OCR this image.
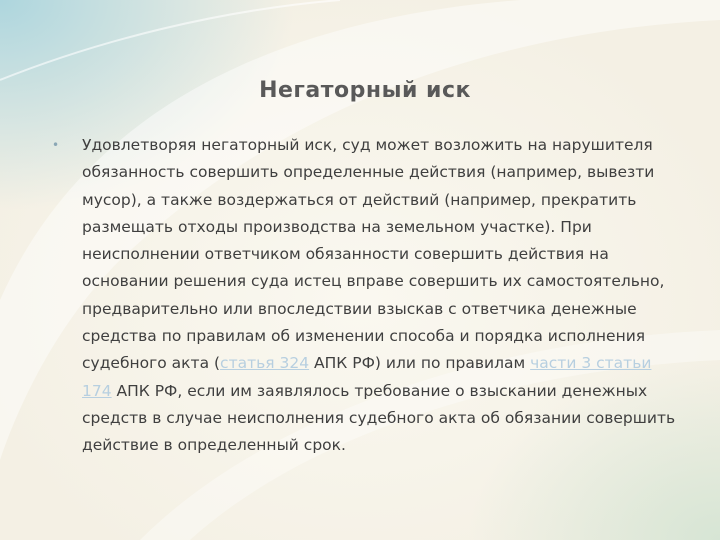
Негаторный иск
• Удовлетворяя негаторный иск, суд может возложить на нарушителя обязанность совершить определенные действия (например, вывезти мусор), а также воздержаться от действий (например, прекратить размещать отходы производства на земельном участке). При неисполнении ответчиком обязанности совершить действия на основании решения суда истец вправе совершить их самостоятельно, предварительно или впоследствии взыскав с ответчика денежные средства по правилам об изменении способа и порядка исполнения судебного акта (статья 324 АПК РФ) или по правилам части 3 статьи 174 АПК РФ, если им заявлялось требование о взыскании денежных средств в случае неисполнения судебного акта об обязании совершить действие в определенный срок.
